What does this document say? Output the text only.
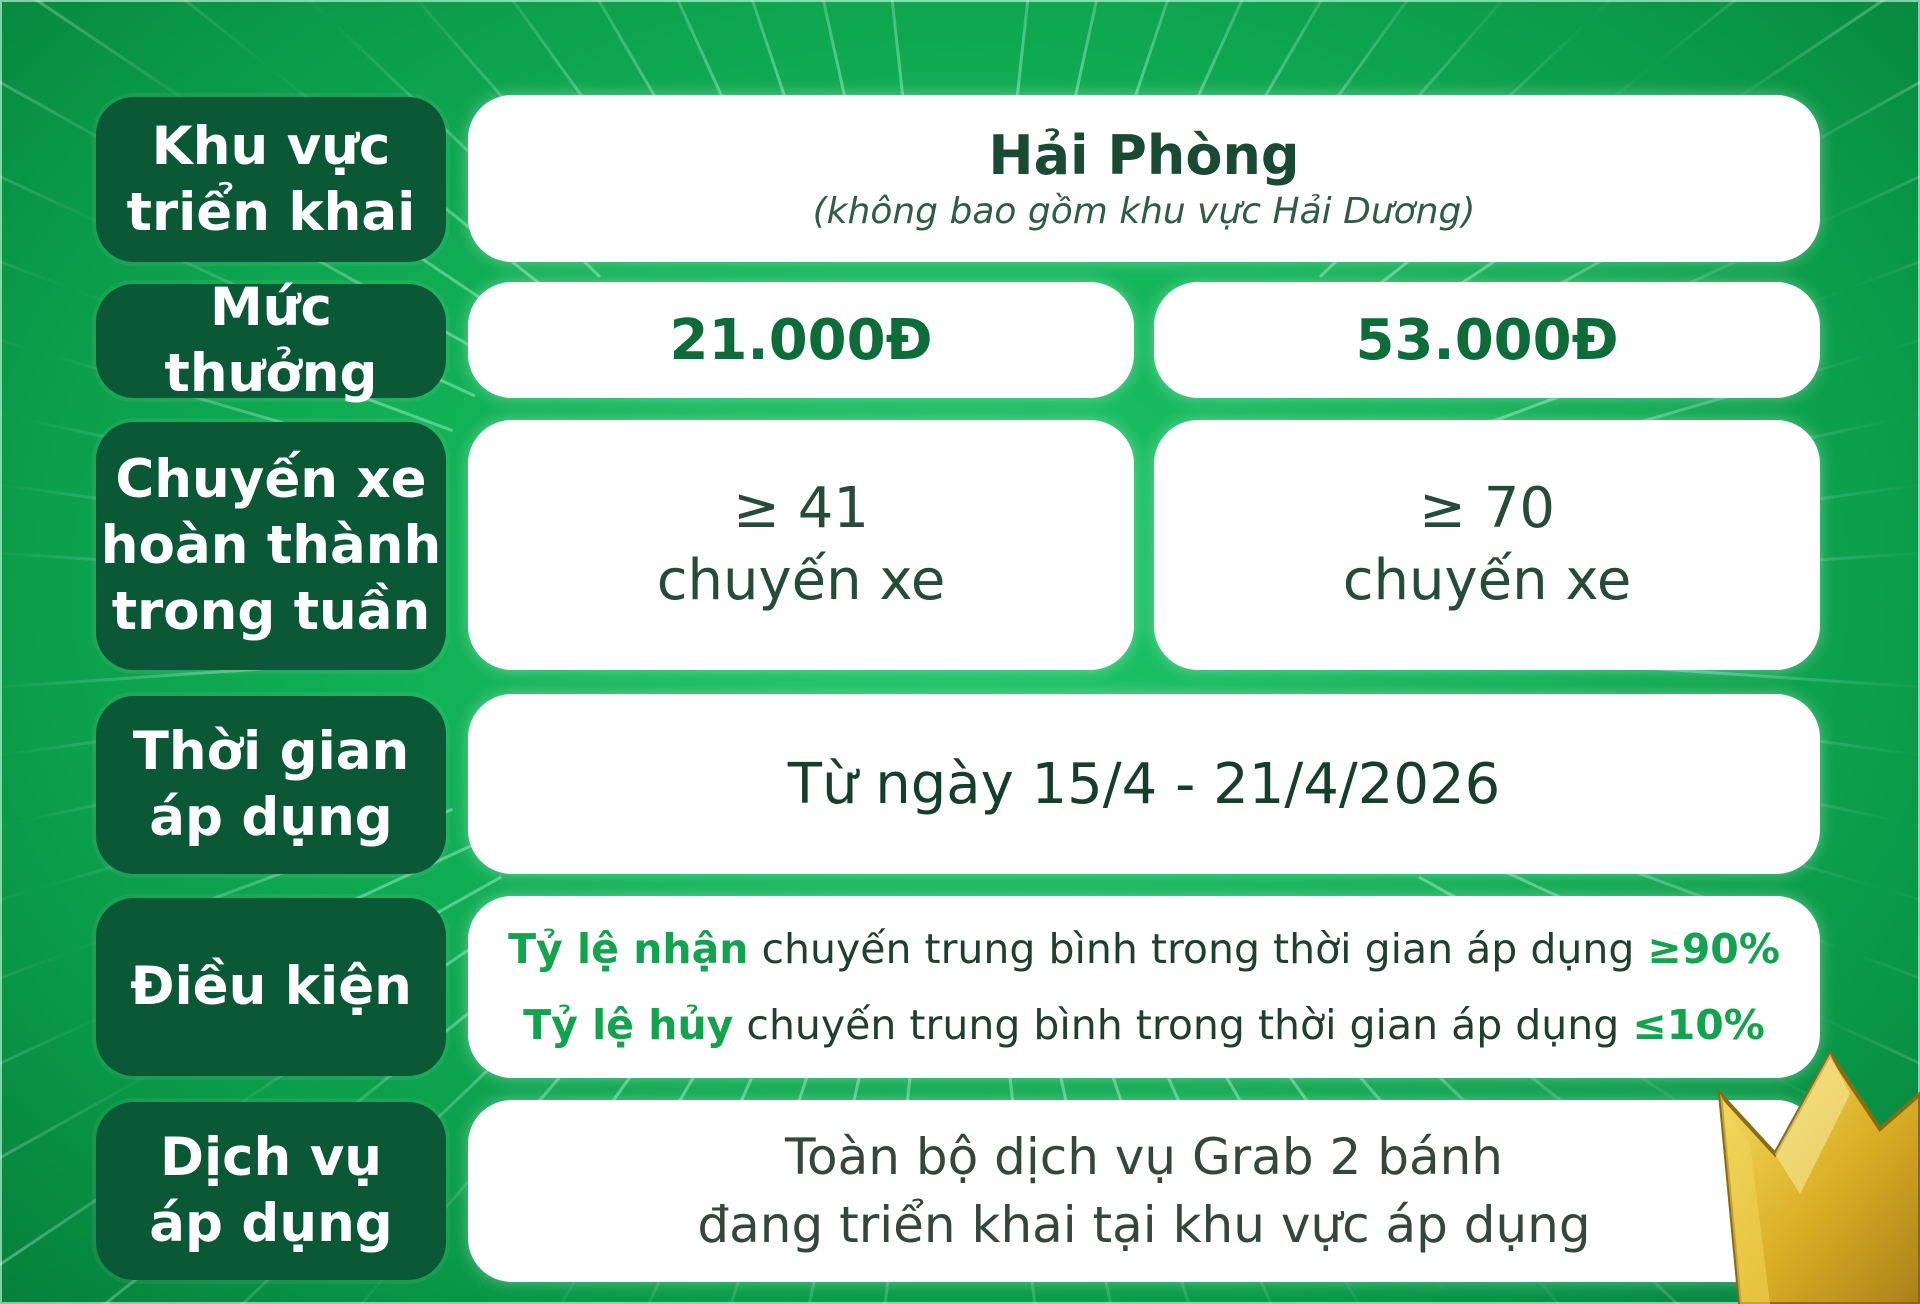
Khu vực
triển khai
Hải Phòng
(không bao gồm khu vực Hải Dương)
Mức thưởng
21.000Đ	53.000Đ
Chuyến xe
hoàn thành
trong tuần
≥ 41
chuyến xe
≥ 70
chuyến xe
Thời gian
áp dụng
Từ ngày 15/4 - 21/4/2026
Điều kiện
Tỷ lệ nhận chuyến trung bình trong thời gian áp dụng ≥90%
Tỷ lệ hủy chuyến trung bình trong thời gian áp dụng ≤10%
Dịch vụ
áp dụng
Toàn bộ dịch vụ Grab 2 bánh
đang triển khai tại khu vực áp dụng
